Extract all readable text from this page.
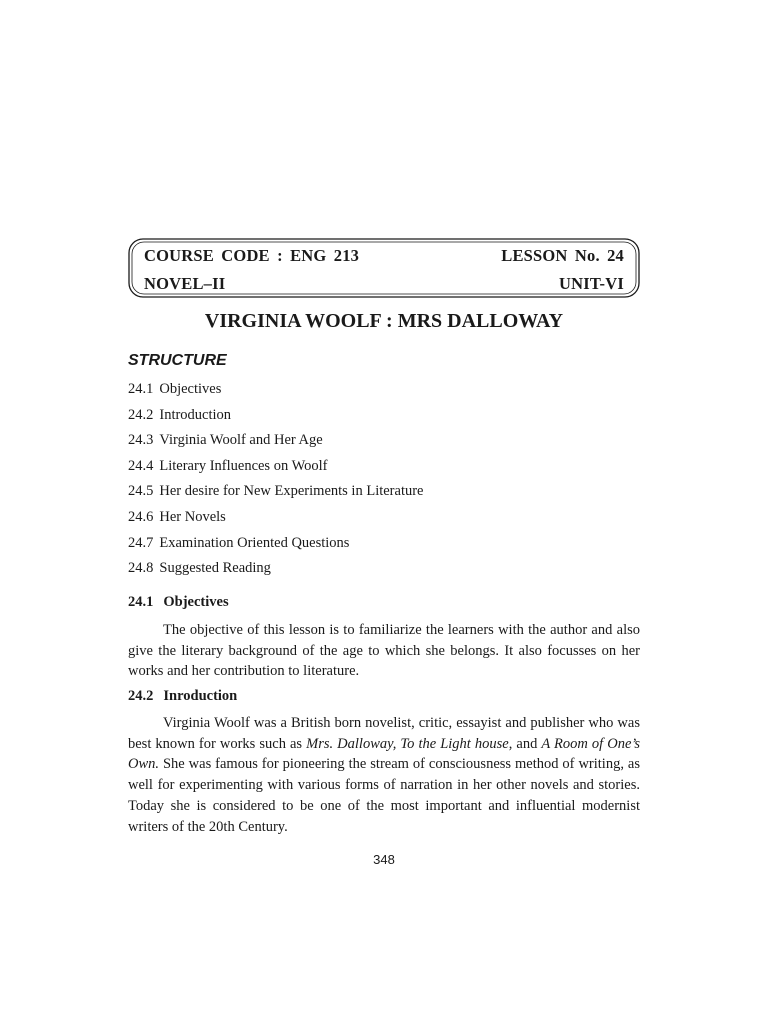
COURSE CODE : ENG 213	LESSON No. 24
NOVEL–II	UNIT-VI
VIRGINIA WOOLF : MRS DALLOWAY
STRUCTURE
24.1 Objectives
24.2 Introduction
24.3 Virginia Woolf and Her Age
24.4 Literary Influences on Woolf
24.5 Her desire for New Experiments in Literature
24.6 Her Novels
24.7 Examination Oriented Questions
24.8 Suggested Reading
24.1 Objectives

The objective of this lesson is to familiarize the learners with the author and also give the literary background of the age to which she belongs. It also focusses on her works and her contribution to literature.

24.2 Inroduction

Virginia Woolf was a British born novelist, critic, essayist and publisher who was best known for works such as Mrs. Dalloway, To the Light house, and A Room of One’s Own. She was famous for pioneering the stream of consciousness method of writing, as well for experimenting with various forms of narration in her other novels and stories. Today she is considered to be one of the most important and influential modernist writers of the 20th Century.

348
